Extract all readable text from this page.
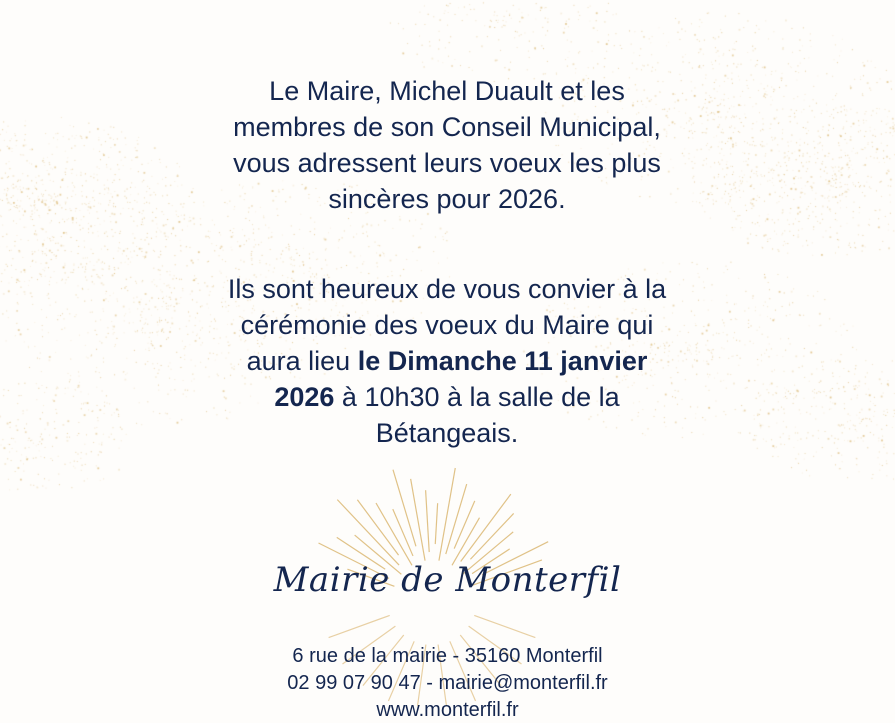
Le Maire, Michel Duault et les
membres de son Conseil Municipal,
vous adressent leurs voeux les plus
sincères pour 2026.

Ils sont heureux de vous convier à la
cérémonie des voeux du Maire qui
aura lieu le Dimanche 11 janvier
2026 à 10h30 à la salle de la
Bétangeais.

Mairie de Monterfil
6 rue de la mairie - 35160 Monterfil
02 99 07 90 47 - mairie@monterfil.fr
www.monterfil.fr
